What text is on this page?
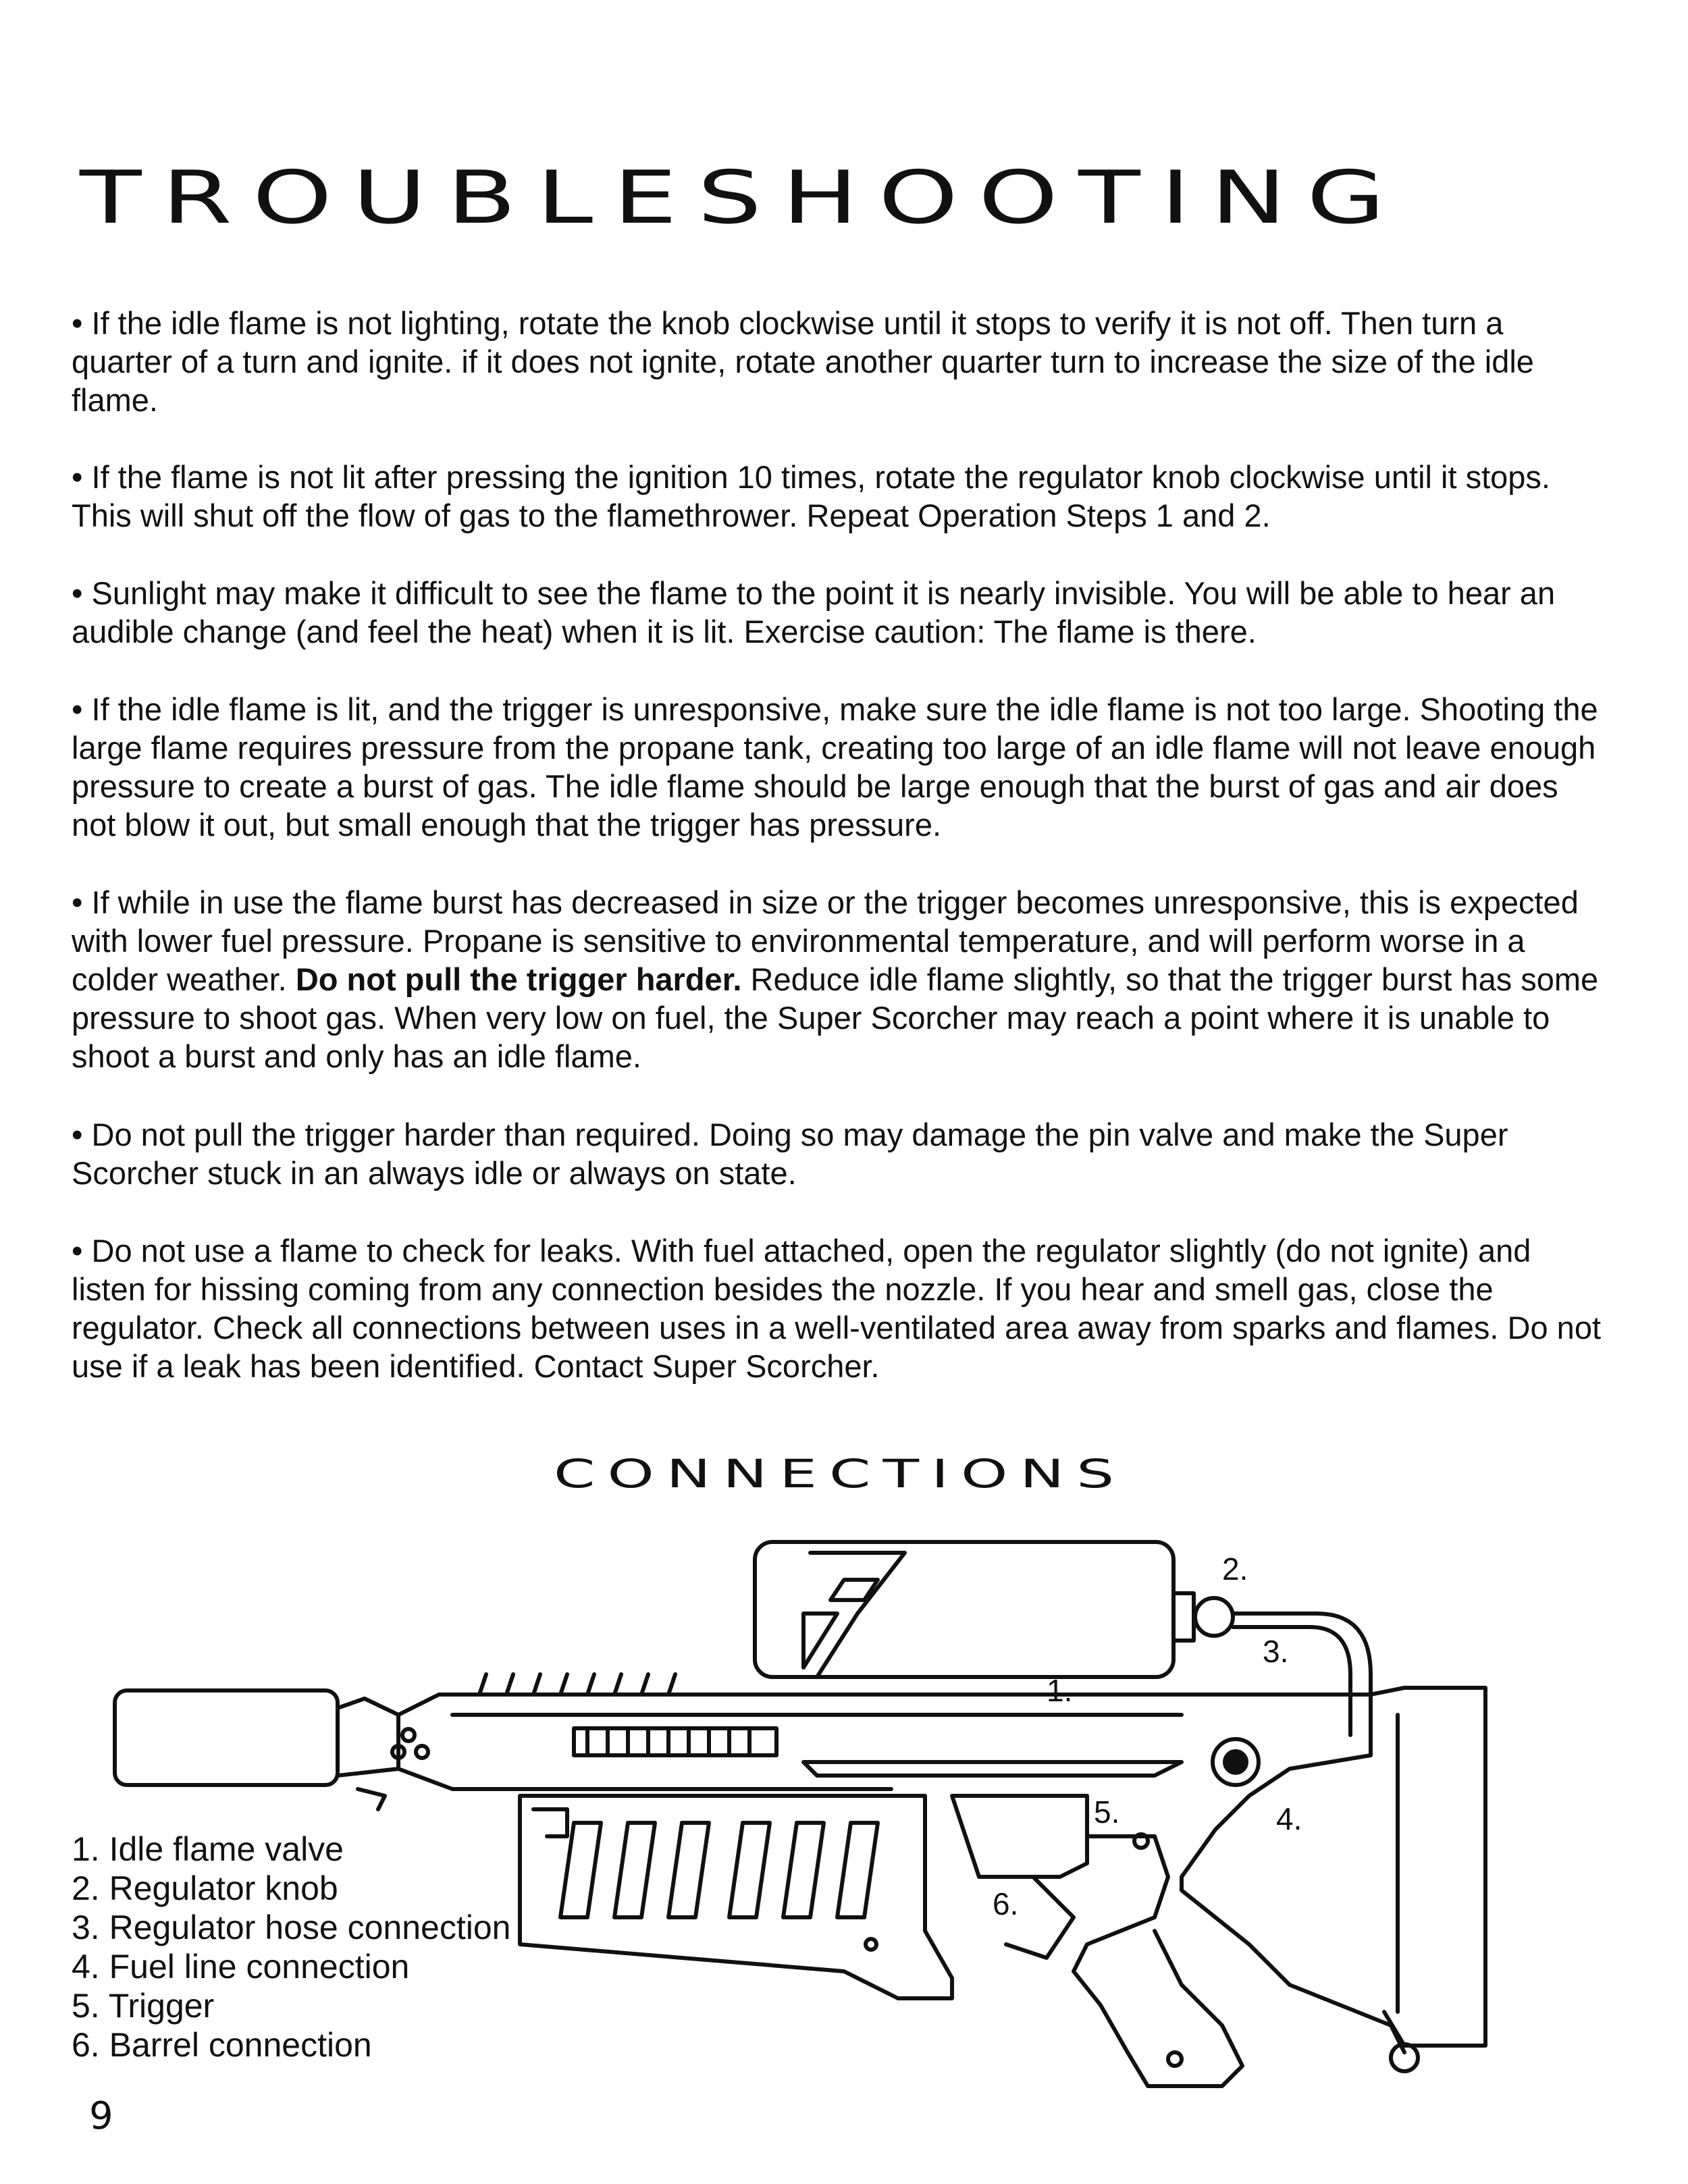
TROUBLESHOOTING

• If the idle flame is not lighting, rotate the knob clockwise until it stops to verify it is not off. Then turn a quarter of a turn and ignite. if it does not ignite, rotate another quarter turn to increase the size of the idle flame.

• If the flame is not lit after pressing the ignition 10 times, rotate the regulator knob clockwise until it stops. This will shut off the flow of gas to the flamethrower. Repeat Operation Steps 1 and 2.

• Sunlight may make it difficult to see the flame to the point it is nearly invisible. You will be able to hear an audible change (and feel the heat) when it is lit. Exercise caution: The flame is there.

• If the idle flame is lit, and the trigger is unresponsive, make sure the idle flame is not too large. Shooting the large flame requires pressure from the propane tank, creating too large of an idle flame will not leave enough pressure to create a burst of gas. The idle flame should be large enough that the burst of gas and air does not blow it out, but small enough that the trigger has pressure.

• If while in use the flame burst has decreased in size or the trigger becomes unresponsive, this is expected with lower fuel pressure. Propane is sensitive to environmental temperature, and will perform worse in a colder weather. Do not pull the trigger harder. Reduce idle flame slightly, so that the trigger burst has some pressure to shoot gas. When very low on fuel, the Super Scorcher may reach a point where it is unable to shoot a burst and only has an idle flame.

• Do not pull the trigger harder than required. Doing so may damage the pin valve and make the Super Scorcher stuck in an always idle or always on state.

• Do not use a flame to check for leaks. With fuel attached, open the regulator slightly (do not ignite) and listen for hissing coming from any connection besides the nozzle. If you hear and smell gas, close the regulator. Check all connections between uses in a well-ventilated area away from sparks and flames. Do not use if a leak has been identified. Contact Super Scorcher.

CONNECTIONS
1.
2.
3.
4.
5.
6.
1. Idle flame valve
2. Regulator knob
3. Regulator hose connection
4. Fuel line connection
5. Trigger
6. Barrel connection
9
